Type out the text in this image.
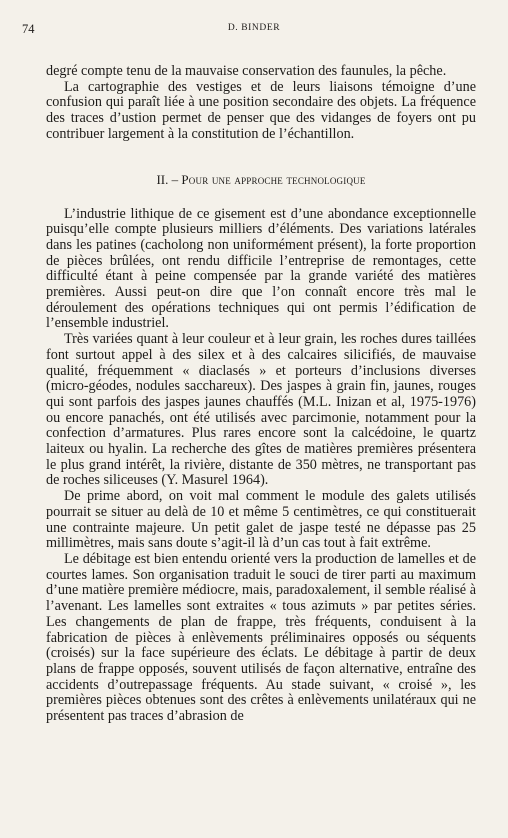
74	D. BINDER

degré compte tenu de la mauvaise conservation des faunules, la pêche.

La cartographie des vestiges et de leurs liaisons témoigne d’une confusion qui paraît liée à une position secondaire des objets. La fréquence des traces d’ustion permet de penser que des vidanges de foyers ont pu contribuer largement à la constitution de l’échantillon.

II. – Pour une approche technologique

L’industrie lithique de ce gisement est d’une abondance exceptionnelle puisqu’elle compte plusieurs milliers d’éléments. Des variations latérales dans les patines (cacholong non uniformément présent), la forte proportion de pièces brûlées, ont rendu difficile l’entreprise de remontages, cette difficulté étant à peine compensée par la grande variété des matières premières. Aussi peut-on dire que l’on connaît encore très mal le déroulement des opérations techniques qui ont permis l’édification de l’ensemble industriel.

Très variées quant à leur couleur et à leur grain, les roches dures taillées font surtout appel à des silex et à des calcaires silicifiés, de mauvaise qualité, fréquemment « diaclasés » et porteurs d’inclusions diverses (micro-géodes, nodules sacchareux). Des jaspes à grain fin, jaunes, rouges qui sont parfois des jaspes jaunes chauffés (M.L. Inizan et al, 1975-1976) ou encore panachés, ont été utilisés avec parcimonie, notamment pour la confection d’armatures. Plus rares encore sont la calcédoine, le quartz laiteux ou hyalin. La recherche des gîtes de matières premières présentera le plus grand intérêt, la rivière, distante de 350 mètres, ne transportant pas de roches siliceuses (Y. Masurel 1964).

De prime abord, on voit mal comment le module des galets utilisés pourrait se situer au delà de 10 et même 5 centimètres, ce qui constituerait une contrainte majeure. Un petit galet de jaspe testé ne dépasse pas 25 millimètres, mais sans doute s’agit-il là d’un cas tout à fait extrême.

Le débitage est bien entendu orienté vers la production de lamelles et de courtes lames. Son organisation traduit le souci de tirer parti au maximum d’une matière première médiocre, mais, paradoxalement, il semble réalisé à l’avenant. Les lamelles sont extraites « tous azimuts » par petites séries. Les changements de plan de frappe, très fréquents, conduisent à la fabrication de pièces à enlèvements préliminaires opposés ou séquents (croisés) sur la face supérieure des éclats. Le débitage à partir de deux plans de frappe opposés, souvent utilisés de façon alternative, entraîne des accidents d’outrepassage fréquents. Au stade suivant, « croisé », les premières pièces obtenues sont des crêtes à enlèvements unilatéraux qui ne présentent pas traces d’abrasion de
